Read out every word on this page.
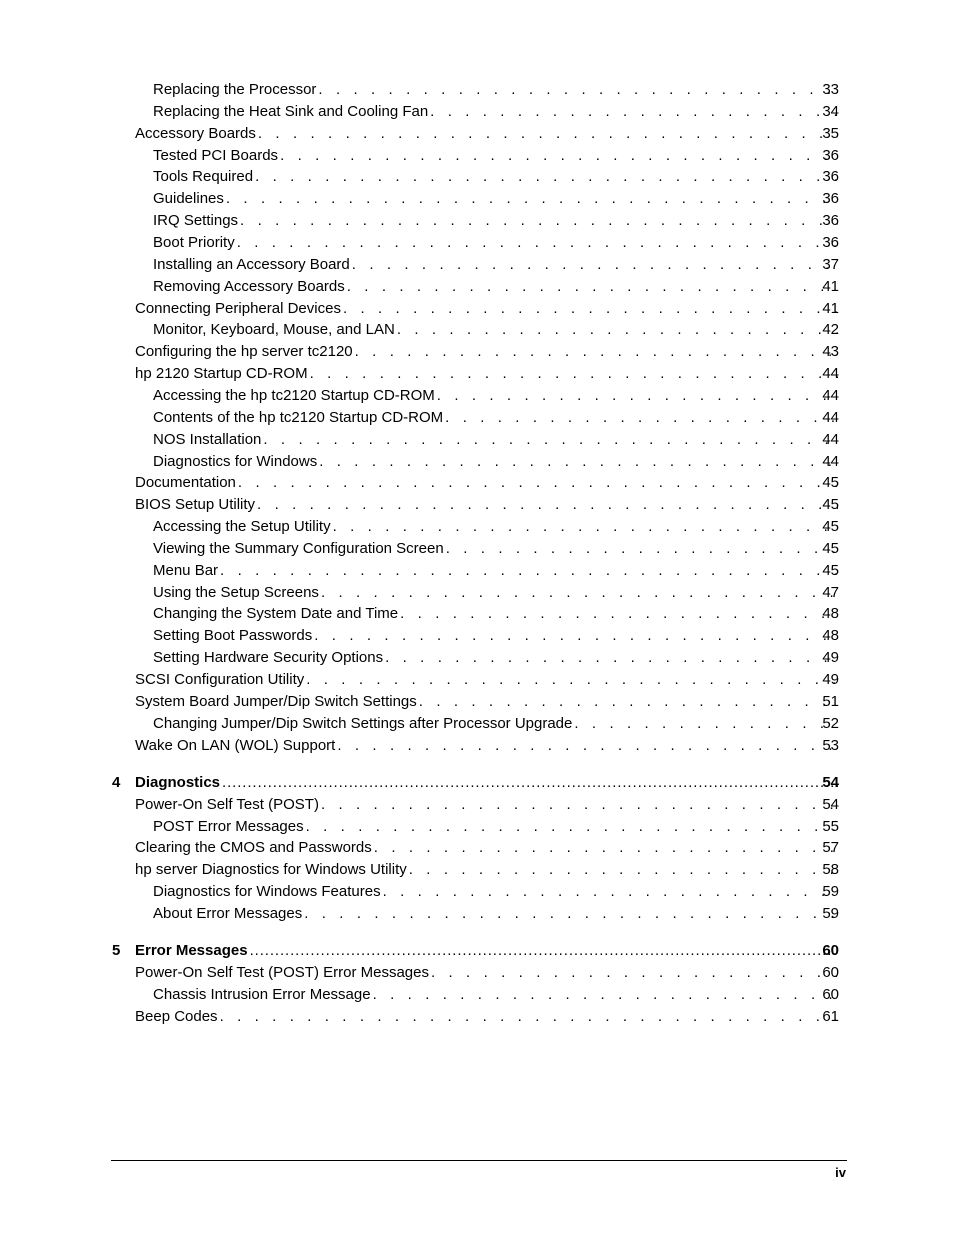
Replacing the Processor . . .	33
Replacing the Heat Sink and Cooling Fan . . .	34
Accessory Boards . . .	35
Tested PCI Boards . . .	36
Tools Required . . .	36
Guidelines . . .	36
IRQ Settings . . .	36
Boot Priority . . .	36
Installing an Accessory Board . . .	37
Removing Accessory Boards . . .	41
Connecting Peripheral Devices . . .	41
Monitor, Keyboard, Mouse, and LAN . . .	42
Configuring the hp server tc2120 . . .	43
hp 2120 Startup CD-ROM . . .	44
Accessing the hp tc2120 Startup CD-ROM . . .	44
Contents of the hp tc2120 Startup CD-ROM . . .	44
NOS Installation . . .	44
Diagnostics for Windows . . .	44
Documentation . . .	45
BIOS Setup Utility . . .	45
Accessing the Setup Utility . . .	45
Viewing the Summary Configuration Screen . . .	45
Menu Bar . . .	45
Using the Setup Screens . . .	47
Changing the System Date and Time . . .	48
Setting Boot Passwords . . .	48
Setting Hardware Security Options . . .	49
SCSI Configuration Utility . . .	49
System Board Jumper/Dip Switch Settings . . .	51
Changing Jumper/Dip Switch Settings after Processor Upgrade . . .	52
Wake On LAN (WOL) Support . . .	53
4 Diagnostics .....	54
Power-On Self Test (POST) . . .	54
POST Error Messages . . .	55
Clearing the CMOS and Passwords . . .	57
hp server Diagnostics for Windows Utility . . .	58
Diagnostics for Windows Features . . .	59
About Error Messages . . .	59
5 Error Messages .....	60
Power-On Self Test (POST) Error Messages . . .	60
Chassis Intrusion Error Message . . .	60
Beep Codes . . .	61
iv
